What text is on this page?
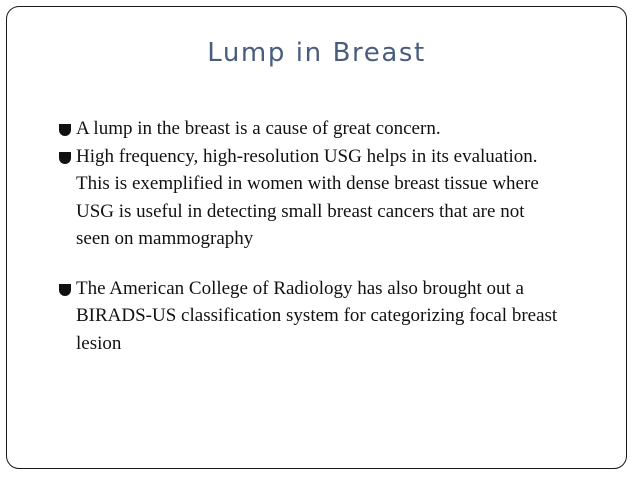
Lump in Breast
A lump in the breast is a cause of great concern.
High frequency, high-resolution USG helps in its evaluation.
This is exemplified in women with dense breast tissue where
USG is useful in detecting small breast cancers that are not
seen on mammography
The American College of Radiology has also brought out a
BIRADS-US classification system for categorizing focal breast
lesion
